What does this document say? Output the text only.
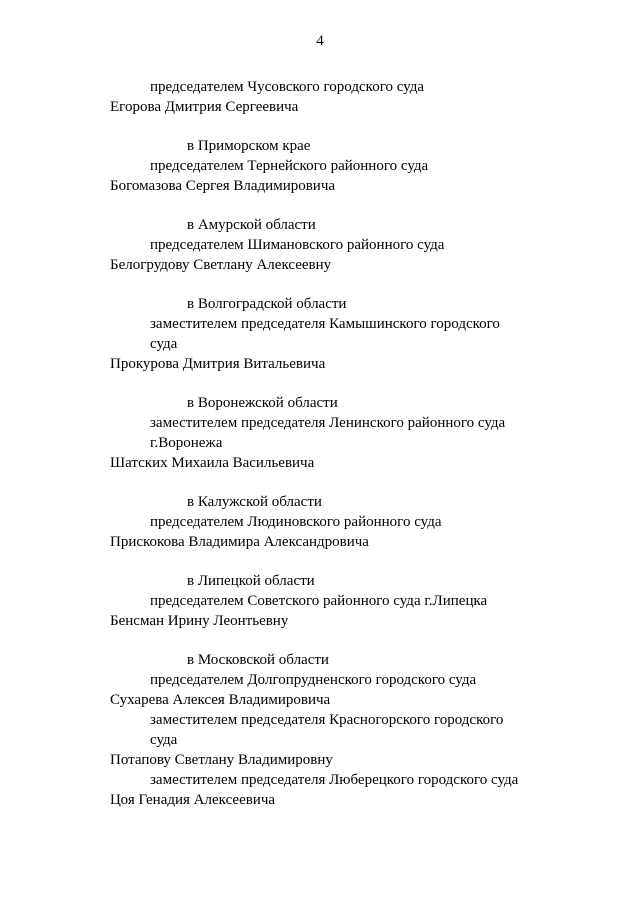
4
председателем Чусовского городского суда
Егорова Дмитрия Сергеевича
в Приморском крае
председателем Тернейского районного суда
Богомазова Сергея Владимировича
в Амурской области
председателем Шимановского районного суда
Белогрудову Светлану Алексеевну
в Волгоградской области
заместителем председателя Камышинского городского
суда
Прокурова Дмитрия Витальевича
в Воронежской области
заместителем председателя Ленинского районного суда
г.Воронежа
Шатских Михаила Васильевича
в Калужской области
председателем Людиновского районного суда
Прискокова Владимира Александровича
в Липецкой области
председателем Советского районного суда г.Липецка
Бенсман Ирину Леонтьевну
в Московской области
председателем Долгопрудненского городского суда
Сухарева Алексея Владимировича
заместителем председателя Красногорского городского
суда
Потапову Светлану Владимировну
заместителем председателя Люберецкого городского суда
Цоя Генадия Алексеевича
